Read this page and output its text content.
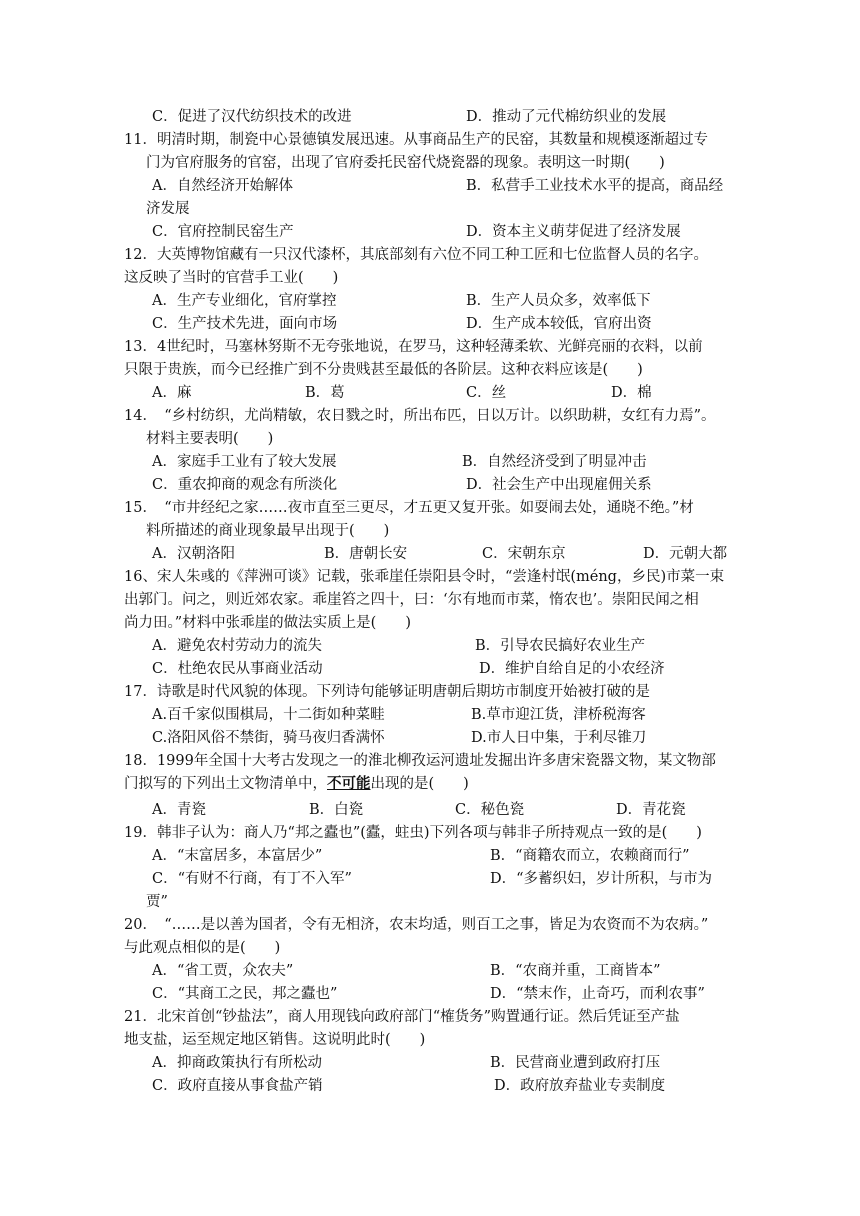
C．促进了汉代纺织技术的改进	D．推动了元代棉纺织业的发展
11．明清时期，制瓷中心景德镇发展迅速。从事商品生产的民窑，其数量和规模逐渐超过专
门为官府服务的官窑，出现了官府委托民窑代烧瓷器的现象。表明这一时期(　　)
A．自然经济开始解体	B．私营手工业技术水平的提高，商品经
济发展
C．官府控制民窑生产	D．资本主义萌芽促进了经济发展
12．大英博物馆藏有一只汉代漆杯，其底部刻有六位不同工种工匠和七位监督人员的名字。
这反映了当时的官营手工业(　　)
A．生产专业细化，官府掌控	B．生产人员众多，效率低下
C．生产技术先进，面向市场	D．生产成本较低，官府出资
13．4世纪时，马塞林努斯不无夸张地说，在罗马，这种轻薄柔软、光鲜亮丽的衣料，以前
只限于贵族，而今已经推广到不分贵贱甚至最低的各阶层。这种衣料应该是(　　)
A．麻	B．葛	C．丝	D．棉
14．　“乡村纺织，尤尚精敏，农日戮之时，所出布匹，日以万计。以织助耕，女红有力焉”。
材料主要表明(　　)
A．家庭手工业有了较大发展	B．自然经济受到了明显冲击
C．重农抑商的观念有所淡化	D．社会生产中出现雇佣关系
15．　“市井经纪之家……夜市直至三更尽，才五更又复开张。如耍闹去处，通晓不绝。”材
料所描述的商业现象最早出现于(　　)
A．汉朝洛阳	B．唐朝长安	C．宋朝东京	D．元朝大都
16、宋人朱彧的《萍洲可谈》记载，张乖崖任崇阳县令时，“尝逢村氓(méng，乡民)市菜一束
出郭门。问之，则近郊农家。乖崖笞之四十，曰：‘尔有地而市菜，惰农也’。崇阳民闻之相
尚力田。”材料中张乖崖的做法实质上是(　　)
A．避免农村劳动力的流失	B．引导农民搞好农业生产
C．杜绝农民从事商业活动	D．维护自给自足的小农经济
17．诗歌是时代风貌的体现。下列诗句能够证明唐朝后期坊市制度开始被打破的是
A.百千家似围棋局，十二街如种菜畦	B.草市迎江货，津桥税海客
C.洛阳风俗不禁街，骑马夜归香满怀	D.市人日中集，于利尽锥刀
18．1999年全国十大考古发现之一的淮北柳孜运河遗址发掘出许多唐宋瓷器文物，某文物部
门拟写的下列出土文物清单中，不可能出现的是(　　)
A．青瓷	B．白瓷	C．秘色瓷	D．青花瓷
19．韩非子认为：商人乃“邦之蠹也”(蠹，蛀虫)下列各项与韩非子所持观点一致的是(　　)
A．“末富居多，本富居少”	B．“商籍农而立，农赖商而行”
C．“有财不行商，有丁不入军”	D．“多蓄织妇，岁计所积，与市为
贾”
20．　“……是以善为国者，令有无相济，农末均适，则百工之事，皆足为农资而不为农病。”
与此观点相似的是(　　)
A．“省工贾，众农夫”	B．“农商并重，工商皆本”
C．“其商工之民，邦之蠹也”	D．“禁末作，止奇巧，而利农事”
21．北宋首创“钞盐法”，商人用现钱向政府部门“榷货务”购置通行证。然后凭证至产盐
地支盐，运至规定地区销售。这说明此时(　　)
A．抑商政策执行有所松动	B．民营商业遭到政府打压
C．政府直接从事食盐产销	D．政府放弃盐业专卖制度
